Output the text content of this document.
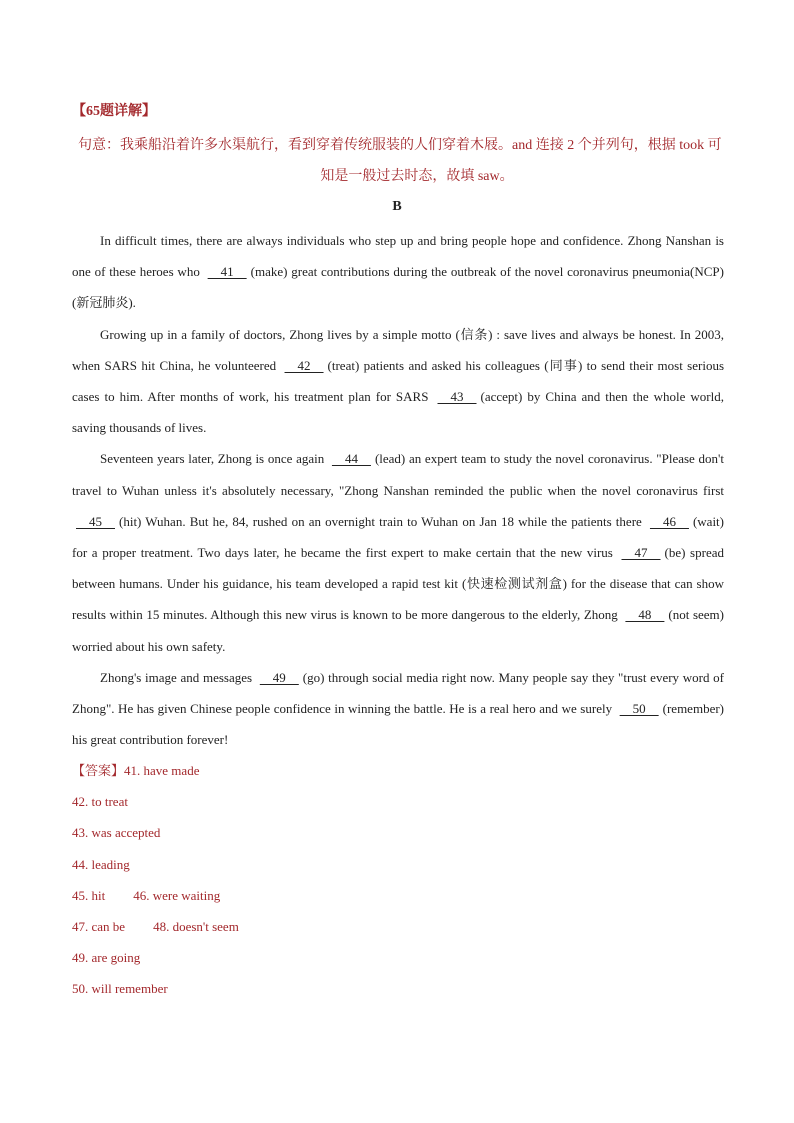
【65题详解】
句意：我乘船沿着许多水渠航行，看到穿着传统服装的人们穿着木屐。and 连接 2 个并列句，根据 took 可
知是一般过去时态，故填 saw。
B

In difficult times, there are always individuals who step up and bring people hope and confidence. Zhong Nanshan is one of these heroes who   41  (make) great contributions during the outbreak of the novel coronavirus pneumonia(NCP) (新冠肺炎).

Growing up in a family of doctors, Zhong lives by a simple motto (信条) : save lives and always be honest. In 2003, when SARS hit China, he volunteered   42  (treat) patients and asked his colleagues (同事) to send their most serious cases to him. After months of work, his treatment plan for SARS   43  (accept) by China and then the whole world, saving thousands of lives.

Seventeen years later, Zhong is once again   44  (lead) an expert team to study the novel coronavirus. "Please don't travel to Wuhan unless it's absolutely necessary, "Zhong Nanshan reminded the public when the novel coronavirus first   45  (hit) Wuhan. But he, 84, rushed on an overnight train to Wuhan on Jan 18 while the patients there   46  (wait) for a proper treatment. Two days later, he became the first expert to make certain that the new virus   47  (be) spread between humans. Under his guidance, his team developed a rapid test kit (快速检测试剂盒) for the disease that can show results within 15 minutes. Although this new virus is known to be more dangerous to the elderly, Zhong   48  (not seem) worried about his own safety.

Zhong's image and messages   49  (go) through social media right now. Many people say they "trust every word of Zhong". He has given Chinese people confidence in winning the battle. He is a real hero and we surely   50  (remember) his great contribution forever!

【答案】41. have made
42. to treat
43. was accepted
44. leading
45. hit 46. were waiting
47. can be 48. doesn't seem
49. are going
50. will remember
